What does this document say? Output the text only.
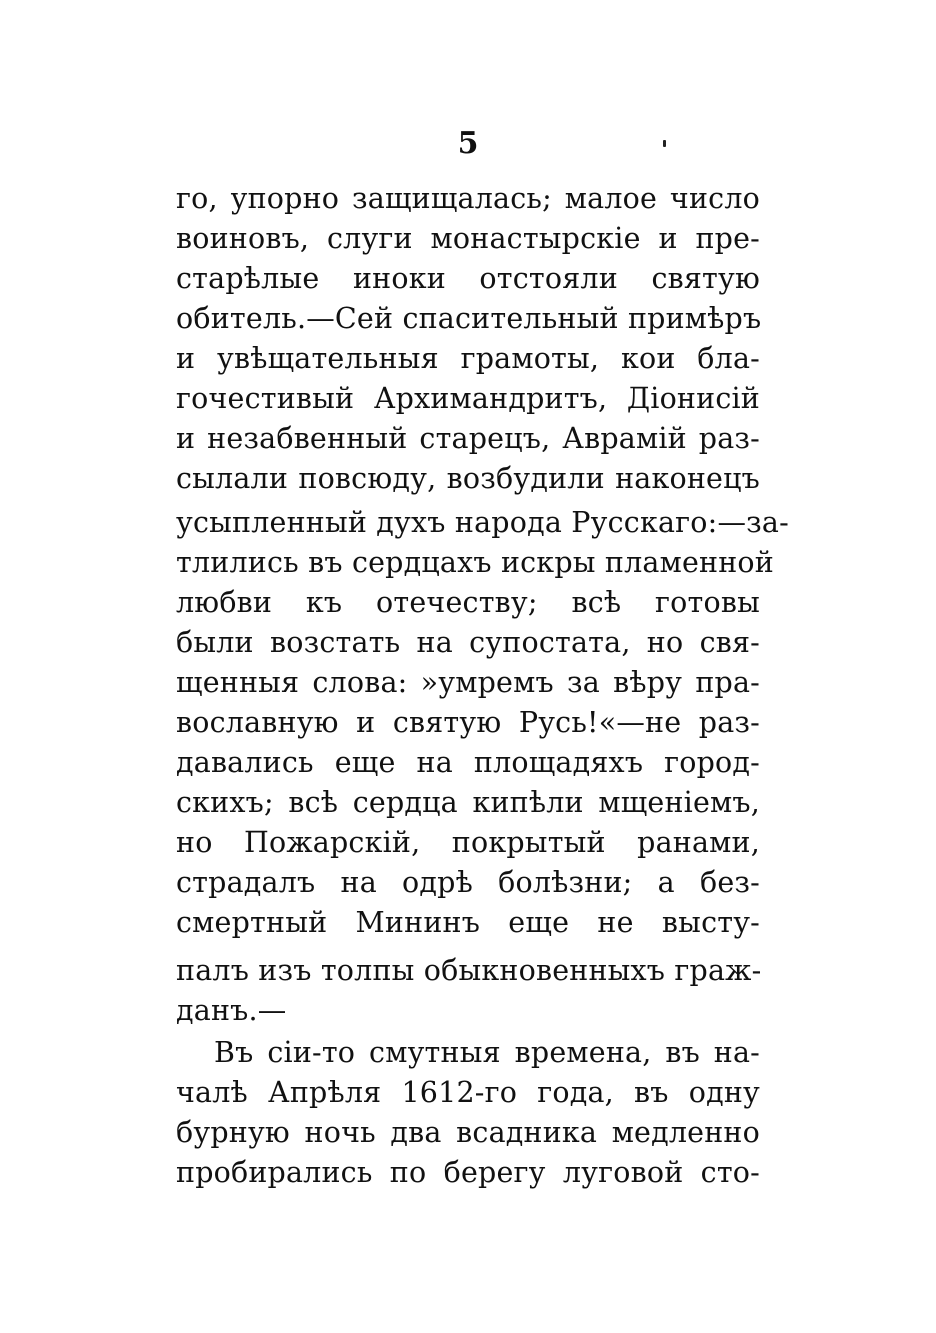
5
го, упорно защищалась; малое число
воиновъ, слуги монастырскiе и пре-
старѣлые иноки отстояли святую
обитель.—Сей спасительный примѣръ
и увѣщательныя грамоты, кои бла-
гочестивый Архимандритъ, Дiонисiй
и незабвенный старецъ, Аврамiй раз-
сылали повсюду, возбудили наконецъ
усыпленный духъ народа Русскаго:—за-
тлились въ сердцахъ искры пламенной
любви къ отечеству; всѣ готовы
были возстать на супостата, но свя-
щенныя слова: »умремъ за вѣру пра-
вославную и святую Русь!«—не раз-
давались еще на площадяхъ город-
скихъ; всѣ сердца кипѣли мщенiемъ,
но Пожарскiй, покрытый ранами,
страдалъ на одрѣ болѣзни; а без-
смертный Мининъ еще не высту-
палъ изъ толпы обыкновенныхъ граж-
данъ.—
Въ сiи-то смутныя времена, въ на-
чалѣ Апрѣля 1612-го года, въ одну
бурную ночь два всадника медленно
пробирались по берегу луговой сто-
